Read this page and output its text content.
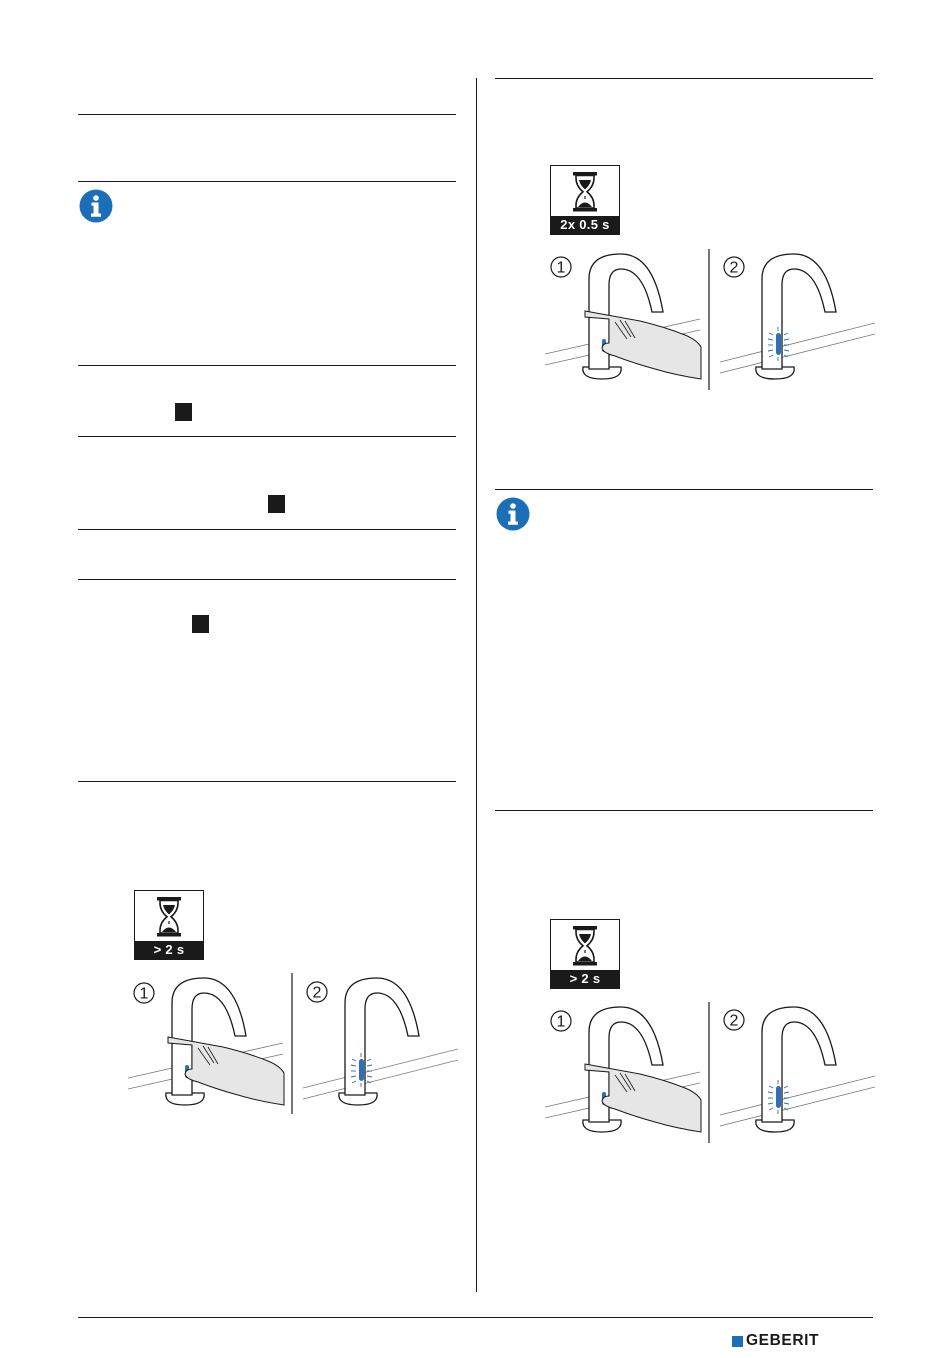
> 2 s
1	2
2x 0.5 s
1	2
> 2 s
1	2
GEBERIT
